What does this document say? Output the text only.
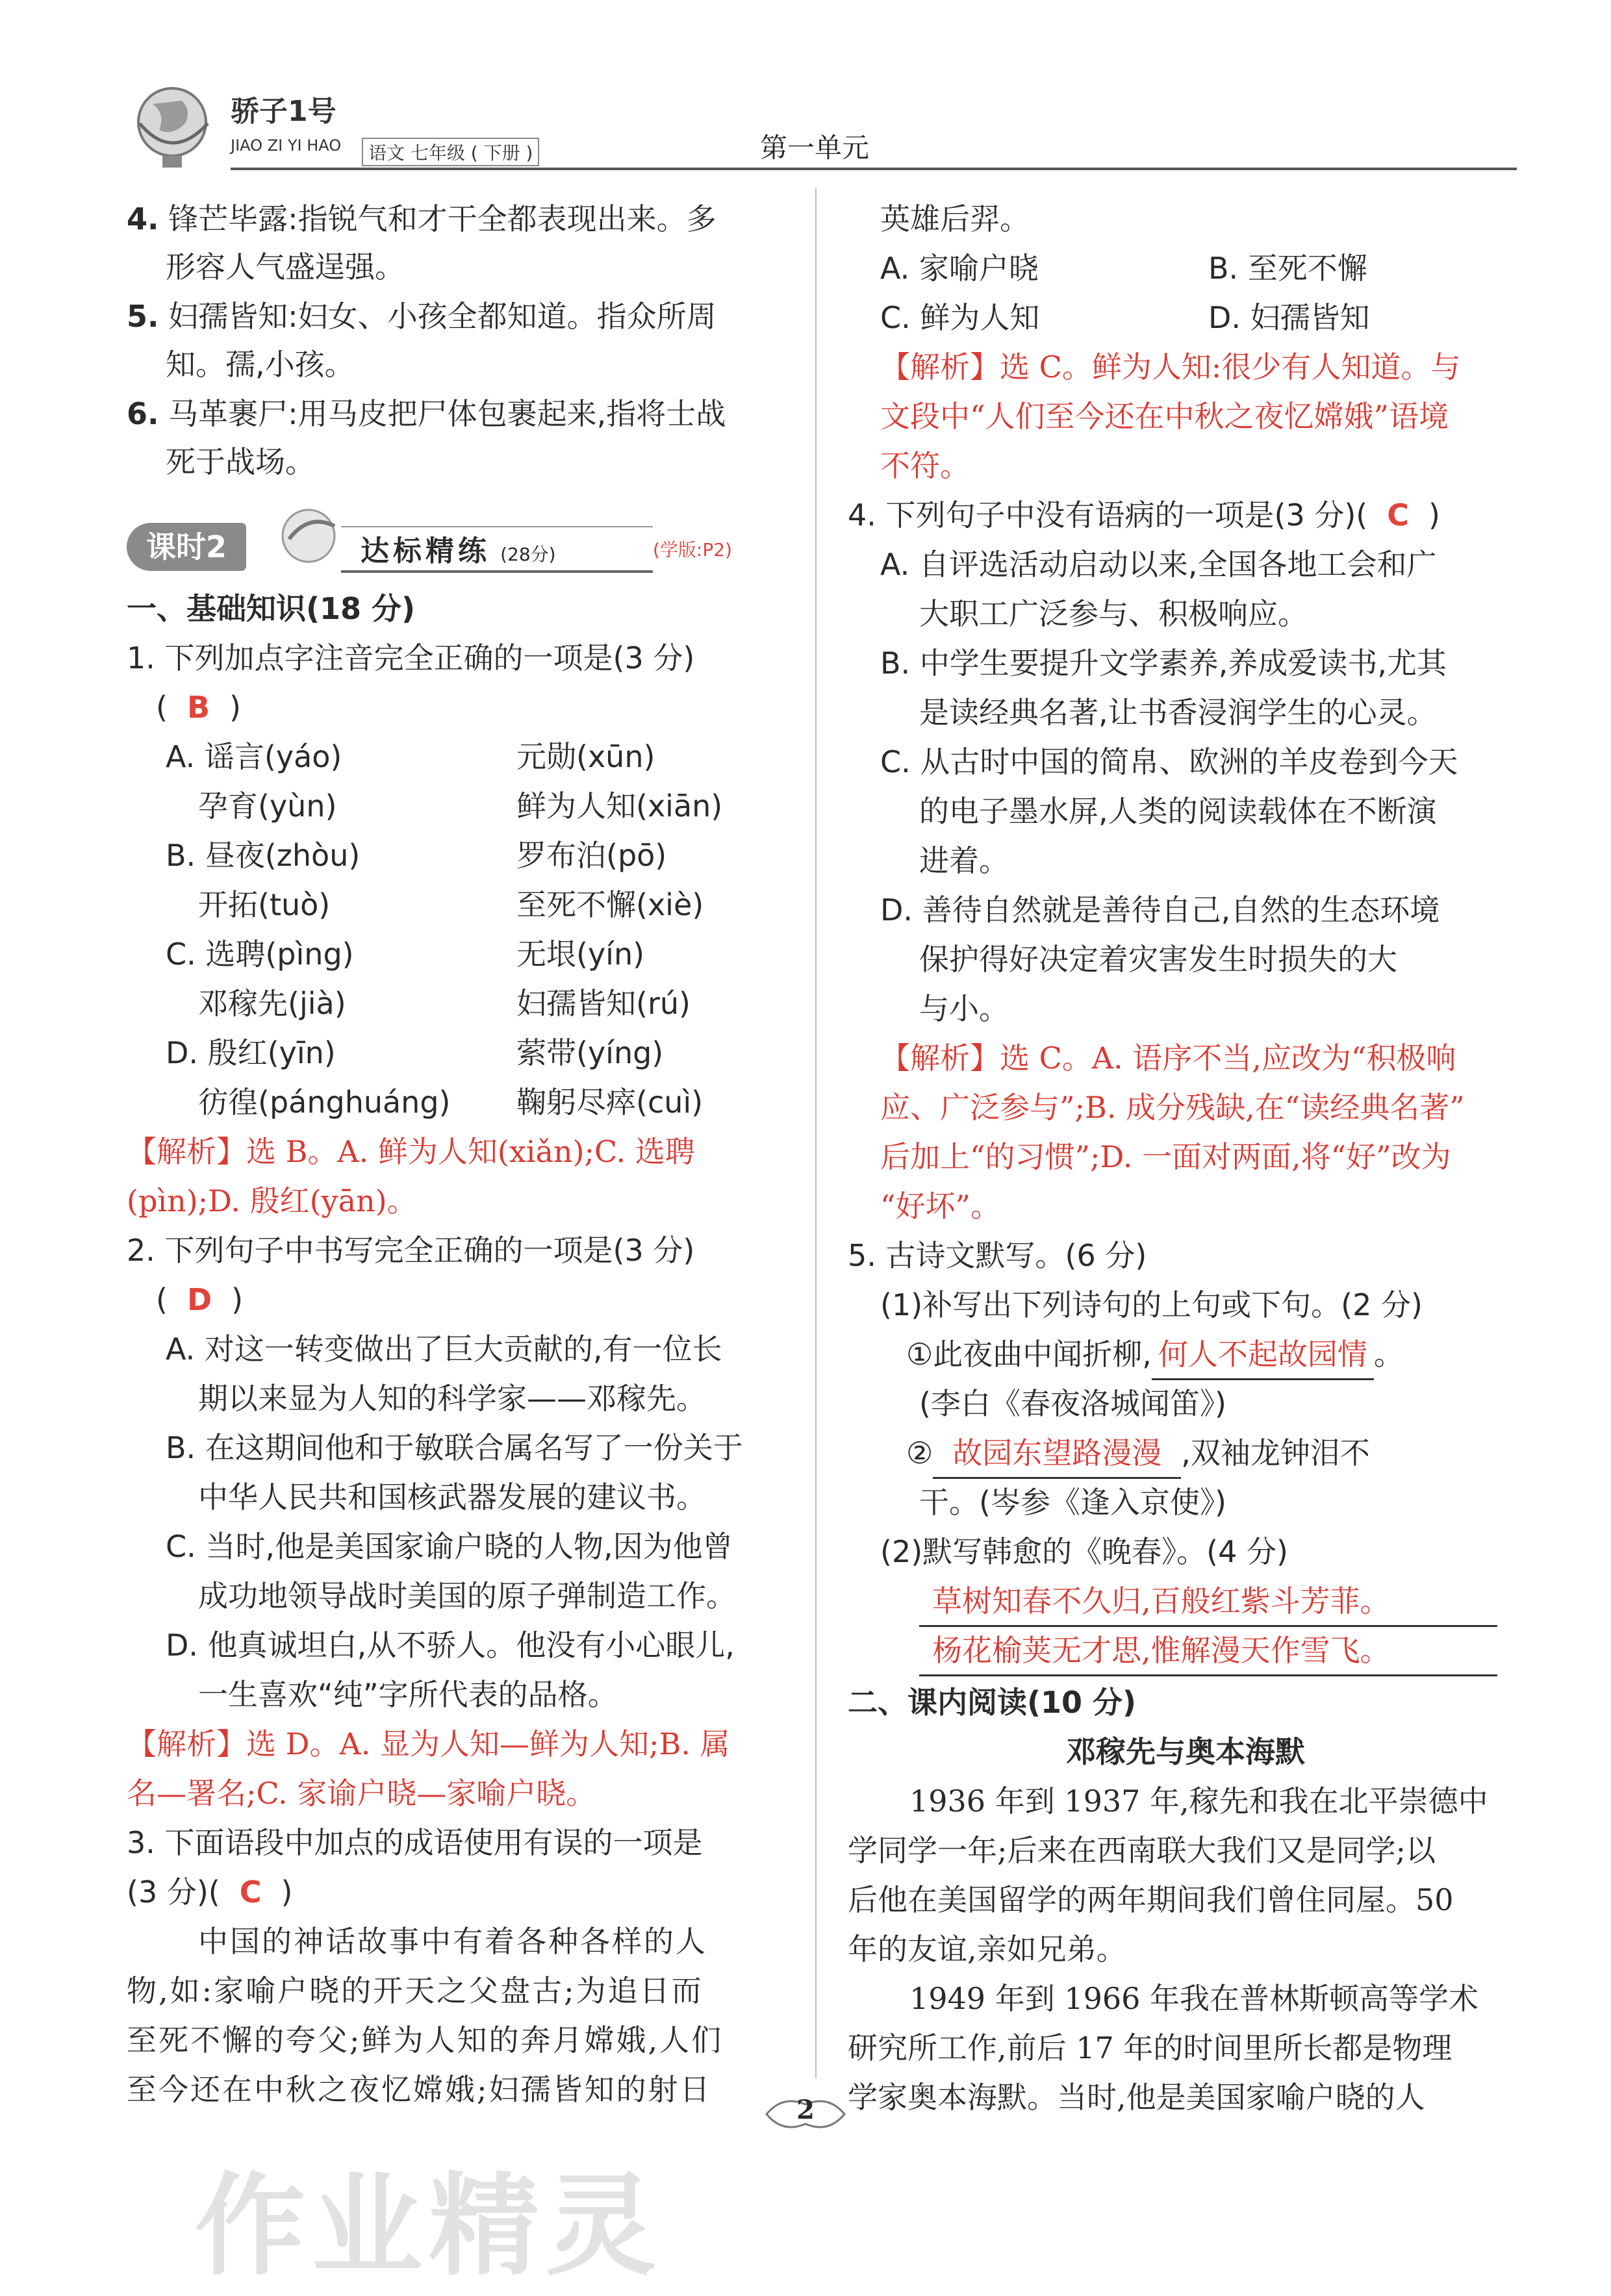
骄子1号
JIAO ZI YI HAO	语文 七年级 ( 下册 )	第一单元
4. 锋芒毕露:指锐气和才干全都表现出来。多
形容人气盛逞强。
5. 妇孺皆知:妇女、小孩全都知道。指众所周
知。孺,小孩。
6. 马革裹尸:用马皮把尸体包裹起来,指将士战
死于战场。
课时2	达标精练 (28分)	(学版:P2)
一、基础知识(18 分)
1. 下列加点字注音完全正确的一项是(3 分)
( B )
A. 谣言(yáo)	元勋(xūn)
孕育(yùn)	鲜为人知(xiān)
B. 昼夜(zhòu)	罗布泊(pō)
开拓(tuò)	至死不懈(xiè)
C. 选聘(pìng)	无垠(yín)
邓稼先(jià)	妇孺皆知(rú)
D. 殷红(yīn)	萦带(yíng)
彷徨(pánghuáng) 鞠躬尽瘁(cuì)
【解析】选 B。A. 鲜为人知(xiǎn);C. 选聘
(pìn);D. 殷红(yān)。
2. 下列句子中书写完全正确的一项是(3 分)
( D )
A. 对这一转变做出了巨大贡献的,有一位长
期以来显为人知的科学家——邓稼先。
B. 在这期间他和于敏联合属名写了一份关于
中华人民共和国核武器发展的建议书。
C. 当时,他是美国家谕户晓的人物,因为他曾
成功地领导战时美国的原子弹制造工作。
D. 他真诚坦白,从不骄人。他没有小心眼儿,
一生喜欢“纯”字所代表的品格。
【解析】选 D。A. 显为人知—鲜为人知;B. 属
名—署名;C. 家谕户晓—家喻户晓。
3. 下面语段中加点的成语使用有误的一项是
(3 分)( C )
中国的神话故事中有着各种各样的人
物,如:家喻户晓的开天之父盘古;为追日而
至死不懈的夸父;鲜为人知的奔月嫦娥,人们
至今还在中秋之夜忆嫦娥;妇孺皆知的射日
英雄后羿。
A. 家喻户晓	B. 至死不懈
C. 鲜为人知	D. 妇孺皆知
【解析】选 C。鲜为人知:很少有人知道。与
文段中“人们至今还在中秋之夜忆嫦娥”语境
不符。
4. 下列句子中没有语病的一项是(3 分)( C )
A. 自评选活动启动以来,全国各地工会和广
大职工广泛参与、积极响应。
B. 中学生要提升文学素养,养成爱读书,尤其
是读经典名著,让书香浸润学生的心灵。
C. 从古时中国的简帛、欧洲的羊皮卷到今天
的电子墨水屏,人类的阅读载体在不断演
进着。
D. 善待自然就是善待自己,自然的生态环境
保护得好决定着灾害发生时损失的大
与小。
【解析】选 C。A. 语序不当,应改为“积极响
应、广泛参与”;B. 成分残缺,在“读经典名著”
后加上“的习惯”;D. 一面对两面,将“好”改为
“好坏”。
5. 古诗文默写。(6 分)
(1)补写出下列诗句的上句或下句。(2 分)
①此夜曲中闻折柳, 何人不起故园情 。
(李白《春夜洛城闻笛》)
② 故园东望路漫漫 ,双袖龙钟泪不
干。(岑参《逢入京使》)
(2)默写韩愈的《晚春》。(4 分)
草树知春不久归,百般红紫斗芳菲。
杨花榆荚无才思,惟解漫天作雪飞。
二、课内阅读(10 分)
邓稼先与奥本海默
1936 年到 1937 年,稼先和我在北平崇德中
学同学一年;后来在西南联大我们又是同学;以
后他在美国留学的两年期间我们曾住同屋。50
年的友谊,亲如兄弟。
1949 年到 1966 年我在普林斯顿高等学术
研究所工作,前后 17 年的时间里所长都是物理
学家奥本海默。当时,他是美国家喻户晓的人
2
作业精灵
